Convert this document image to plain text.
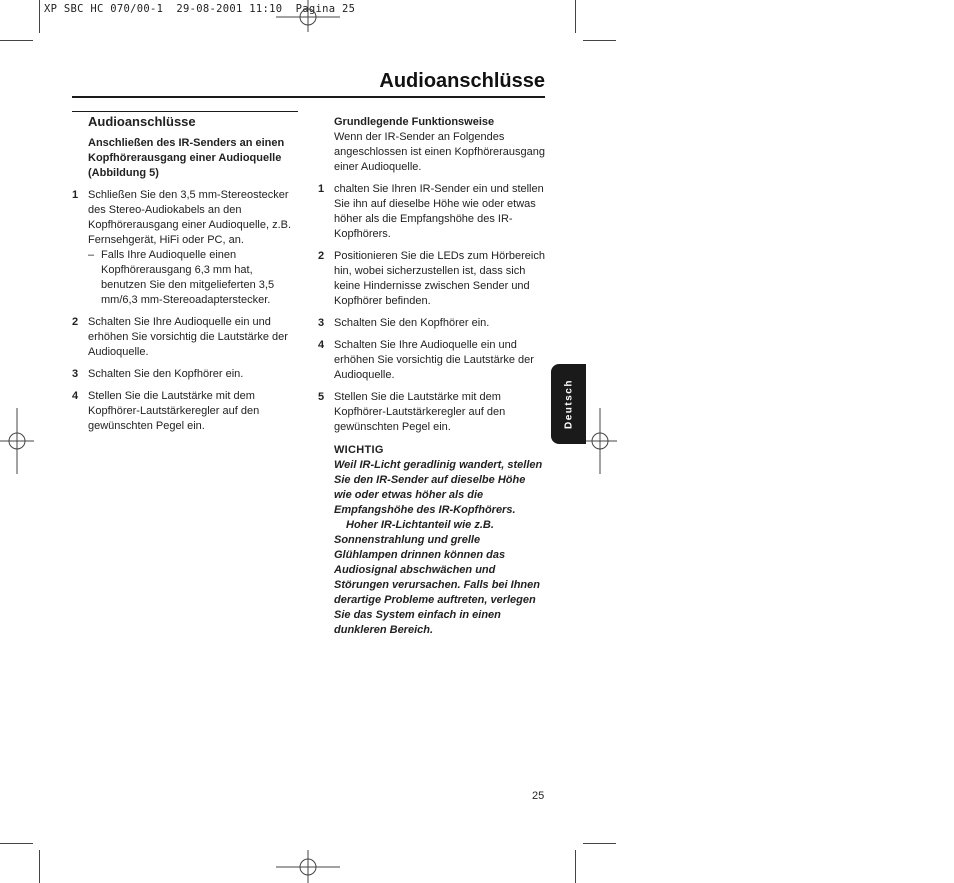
XP SBC HC 070/00-1  29-08-2001 11:10  Pagina 25
Audioanschlüsse
Audioanschlüsse
Anschließen des IR-Senders an einen Kopfhörerausgang einer Audioquelle (Abbildung 5)
1 Schließen Sie den 3,5 mm-Stereostecker des Stereo-Audiokabels an den Kopfhörerausgang einer Audioquelle, z.B. Fernsehgerät, HiFi oder PC, an.
– Falls Ihre Audioquelle einen Kopfhörerausgang 6,3 mm hat, benutzen Sie den mitgelieferten 3,5 mm/6,3 mm-Stereoadapterstecker.
2 Schalten Sie Ihre Audioquelle ein und erhöhen Sie vorsichtig die Lautstärke der Audioquelle.
3 Schalten Sie den Kopfhörer ein.
4 Stellen Sie die Lautstärke mit dem Kopfhörer-Lautstärkeregler auf den gewünschten Pegel ein.
Grundlegende Funktionsweise
Wenn der IR-Sender an Folgendes angeschlossen ist einen Kopfhörerausgang einer Audioquelle.
1 chalten Sie Ihren IR-Sender ein und stellen Sie ihn auf dieselbe Höhe wie oder etwas höher als die Empfangshöhe des IR-Kopfhörers.
2 Positionieren Sie die LEDs zum Hörbereich hin, wobei sicherzustellen ist, dass sich keine Hindernisse zwischen Sender und Kopfhörer befinden.
3 Schalten Sie den Kopfhörer ein.
4 Schalten Sie Ihre Audioquelle ein und erhöhen Sie vorsichtig die Lautstärke der Audioquelle.
5 Stellen Sie die Lautstärke mit dem Kopfhörer-Lautstärkeregler auf den gewünschten Pegel ein.
WICHTIG
Weil IR-Licht geradlinig wandert, stellen Sie den IR-Sender auf dieselbe Höhe wie oder etwas höher als die Empfangshöhe des IR-Kopfhörers.
Hoher IR-Lichtanteil wie z.B. Sonnenstrahlung und grelle Glühlampen drinnen können das Audiosignal abschwächen und Störungen verursachen. Falls bei Ihnen derartige Probleme auftreten, verlegen Sie das System einfach in einen dunkleren Bereich.
Deutsch
25
